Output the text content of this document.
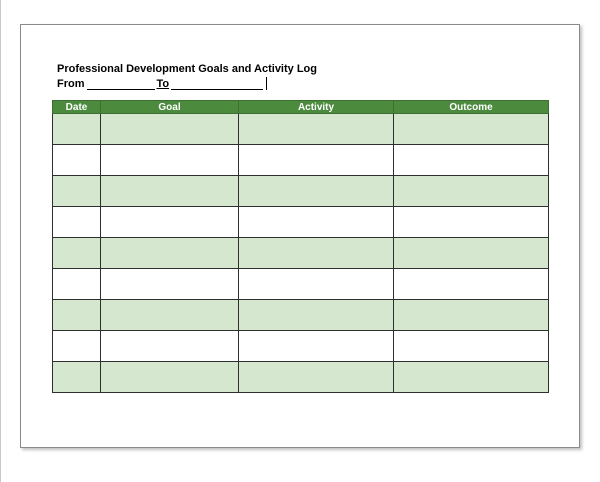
Professional Development Goals and Activity Log
From	To
Date	Goal	Activity	Outcome
